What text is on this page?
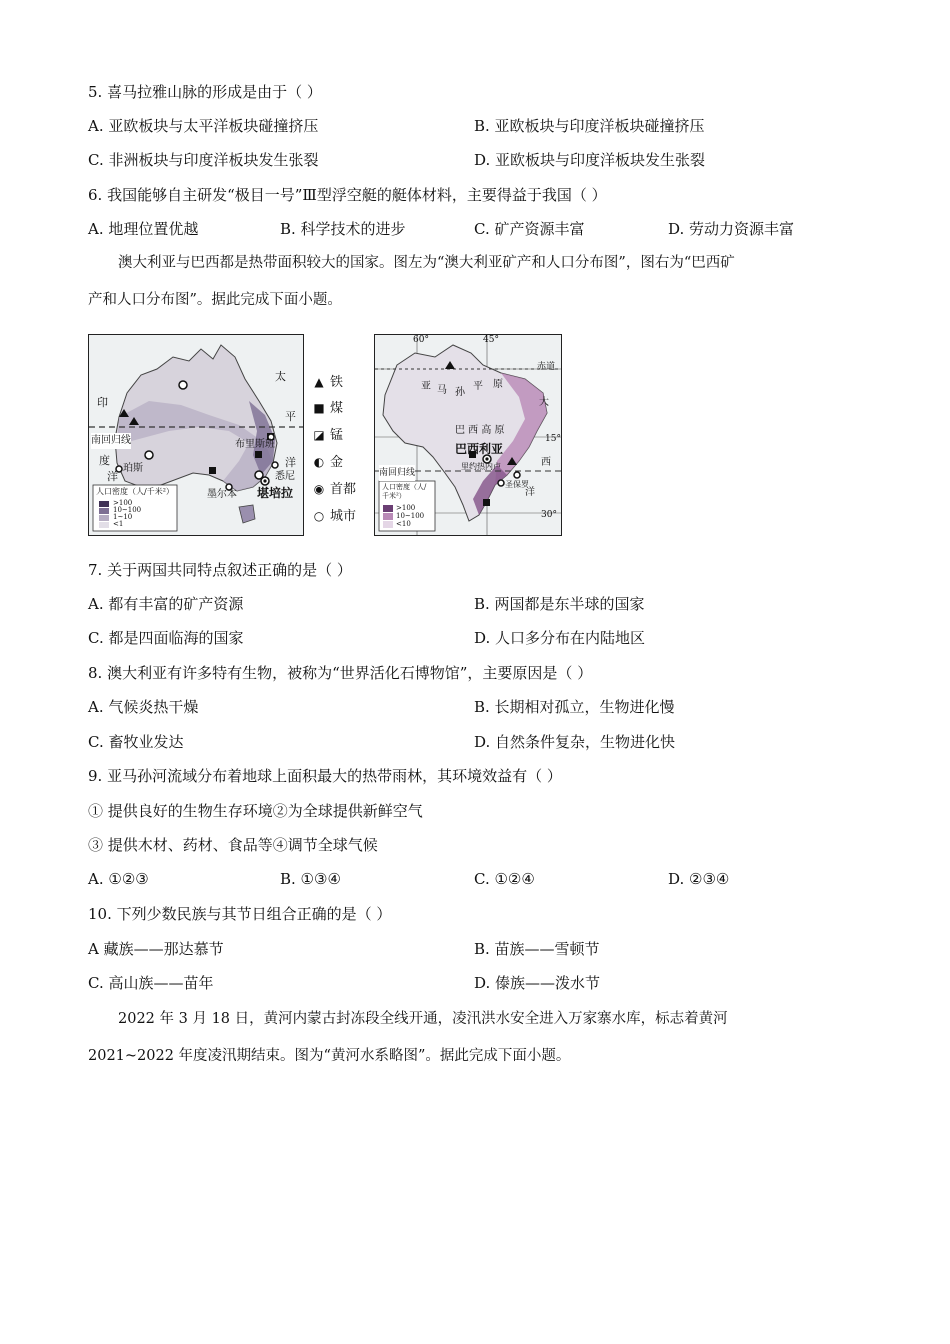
5. 喜马拉雅山脉的形成是由于（ ）
A. 亚欧板块与太平洋板块碰撞挤压	B. 亚欧板块与印度洋板块碰撞挤压
C. 非洲板块与印度洋板块发生张裂	D. 亚欧板块与印度洋板块发生张裂
6. 我国能够自主研发“极目一号”Ⅲ型浮空艇的艇体材料，主要得益于我国（ ）
A. 地理位置优越	B. 科学技术的进步	C. 矿产资源丰富	D. 劳动力资源丰富
澳大利亚与巴西都是热带面积较大的国家。图左为“澳大利亚矿产和人口分布图”，图右为“巴西矿
产和人口分布图”。据此完成下面小题。
南回归线
珀斯
布里斯班
悉尼
墨尔本 堪培拉
印
度
洋
太
平
洋
人口密度（人/千米²）
>100
10~100
1~10
<1
▲ 铁
■ 煤
◪ 锰
◐ 金
◉ 首都
○ 城市
60°	45°
赤道
15°
30°
亚 马 孙
平 原
巴 西 高 原
巴西利亚
里约热内卢
圣保罗
南回归线
大
西
洋
人口密度（人/千米²）
>100
10~100
<10
7. 关于两国共同特点叙述正确的是（ ）
A. 都有丰富的矿产资源	B. 两国都是东半球的国家
C. 都是四面临海的国家	D. 人口多分布在内陆地区
8. 澳大利亚有许多特有生物，被称为“世界活化石博物馆”，主要原因是（ ）
A. 气候炎热干燥	B. 长期相对孤立，生物进化慢
C. 畜牧业发达	D. 自然条件复杂，生物进化快
9. 亚马孙河流域分布着地球上面积最大的热带雨林，其环境效益有（ ）
① 提供良好的生物生存环境②为全球提供新鲜空气
③ 提供木材、药材、食品等④调节全球气候
A. ①②③	B. ①③④	C. ①②④	D. ②③④
10. 下列少数民族与其节日组合正确的是（ ）
A 藏族——那达慕节	B. 苗族——雪顿节
C. 高山族——苗年	D. 傣族——泼水节
2022 年 3 月 18 日，黄河内蒙古封冻段全线开通，凌汛洪水安全进入万家寨水库，标志着黄河
2021~2022 年度凌汛期结束。图为“黄河水系略图”。据此完成下面小题。
